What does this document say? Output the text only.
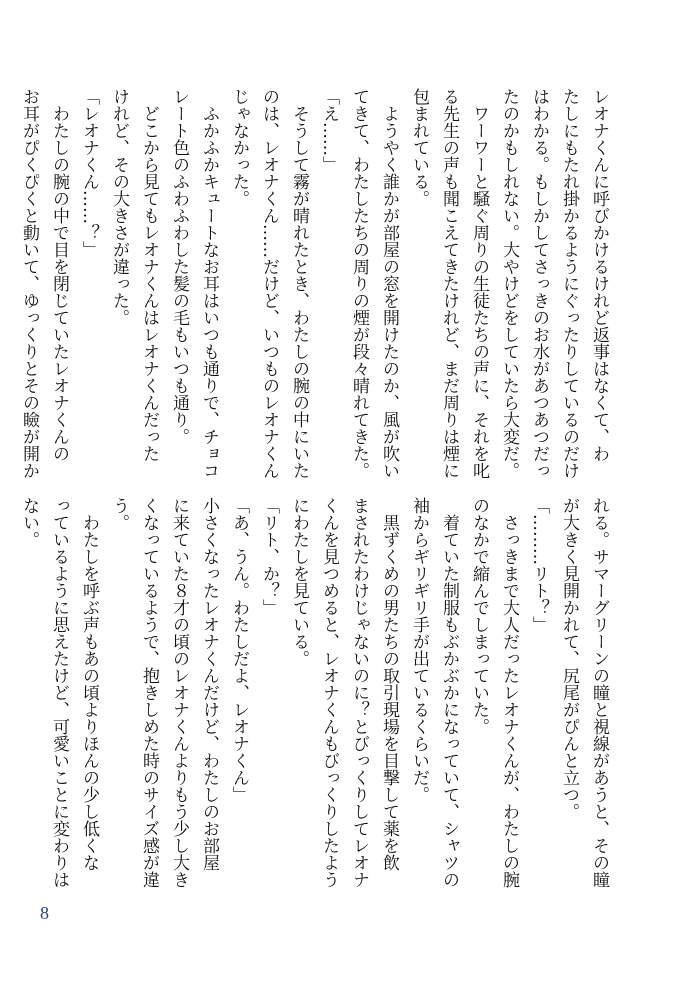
レオナくんに呼びかけるけれど返事はなくて、わ
たしにもたれ掛かるようにぐったりしているのだけ
はわかる。もしかしてさっきのお水があつあつだっ
たのかもしれない。大やけどをしていたら大変だ。
ワーワーと騒ぐ周りの生徒たちの声に、それを叱
る先生の声も聞こえてきたけれど、まだ周りは煙に
包まれている。
ようやく誰かが部屋の窓を開けたのか、風が吹い
てきて、わたしたちの周りの煙が段々晴れてきた。
「え……」
そうして霧が晴れたとき、わたしの腕の中にいた
のは、レオナくん……だけど、いつものレオナくん
じゃなかった。
ふかふかキュートなお耳はいつも通りで、チョコ
レート色のふわふわした髪の毛もいつも通り。
どこから見てもレオナくんはレオナくんだった
けれど、その大きさが違った。
「レオナくん……？」
わたしの腕の中で目を閉じていたレオナくんの
お耳がぴくぴくと動いて、ゆっくりとその瞼が開か
れる。サマーグリーンの瞳と視線があうと、その瞳
が大きく見開かれて、尻尾がぴんと立つ。
「………リト？」
さっきまで大人だったレオナくんが、わたしの腕
のなかで縮んでしまっていた。
着ていた制服もぶかぶかになっていて、シャツの
袖からギリギリ手が出ているくらいだ。
黒ずくめの男たちの取引現場を目撃して薬を飲
まされたわけじゃないのに？とびっくりしてレオナ
くんを見つめると、レオナくんもびっくりしたよう
にわたしを見ている。
「リト、か？」
「あ、うん。わたしだよ、レオナくん」
小さくなったレオナくんだけど、わたしのお部屋
に来ていた８才の頃のレオナくんよりもう少し大き
くなっているようで、抱きしめた時のサイズ感が違
う。
わたしを呼ぶ声もあの頃よりほんの少し低くな
っているように思えたけど、可愛いことに変わりは
ない。
8
